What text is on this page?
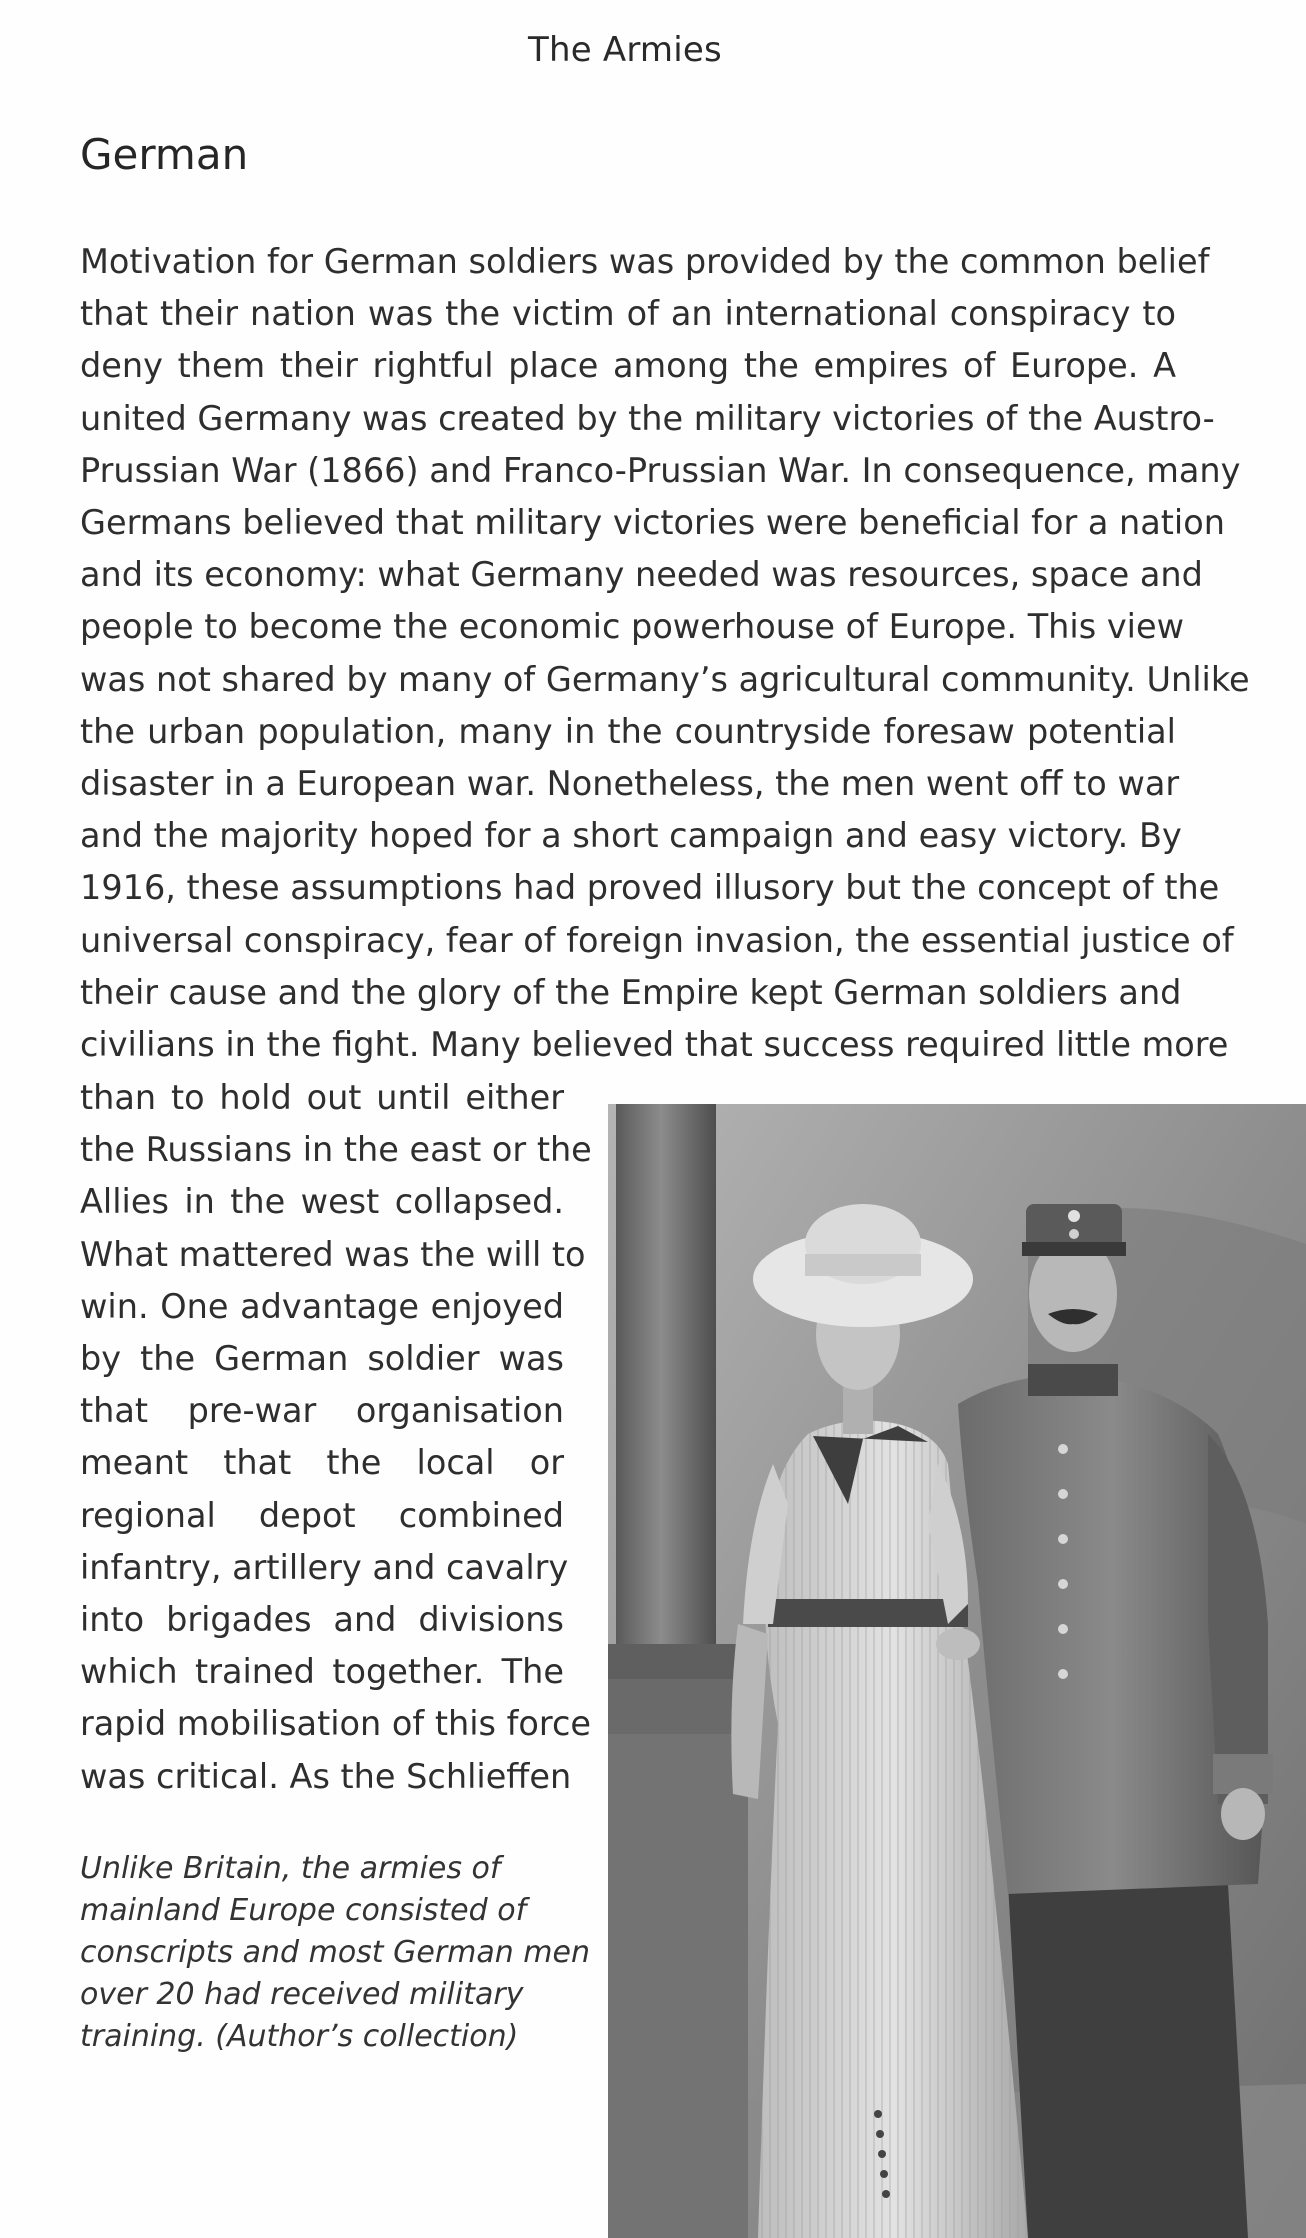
The Armies
German
Motivation for German soldiers was provided by the common belief
that their nation was the victim of an international conspiracy to
deny them their rightful place among the empires of Europe. A
united Germany was created by the military victories of the Austro-
Prussian War (1866) and Franco-Prussian War. In consequence, many
Germans believed that military victories were beneficial for a nation
and its economy: what Germany needed was resources, space and
people to become the economic powerhouse of Europe. This view
was not shared by many of Germany’s agricultural community. Unlike
the urban population, many in the countryside foresaw potential
disaster in a European war. Nonetheless, the men went off to war
and the majority hoped for a short campaign and easy victory. By
1916, these assumptions had proved illusory but the concept of the
universal conspiracy, fear of foreign invasion, the essential justice of
their cause and the glory of the Empire kept German soldiers and
civilians in the fight. Many believed that success required little more
than to hold out until either
the Russians in the east or the
Allies in the west collapsed.
What mattered was the will to
win. One advantage enjoyed
by the German soldier was
that pre-war organisation
meant that the local or
regional depot combined
infantry, artillery and cavalry
into brigades and divisions
which trained together. The
rapid mobilisation of this force
was critical. As the Schlieffen
Unlike Britain, the armies of
mainland Europe consisted of
conscripts and most German men
over 20 had received military
training. (Author’s collection)
